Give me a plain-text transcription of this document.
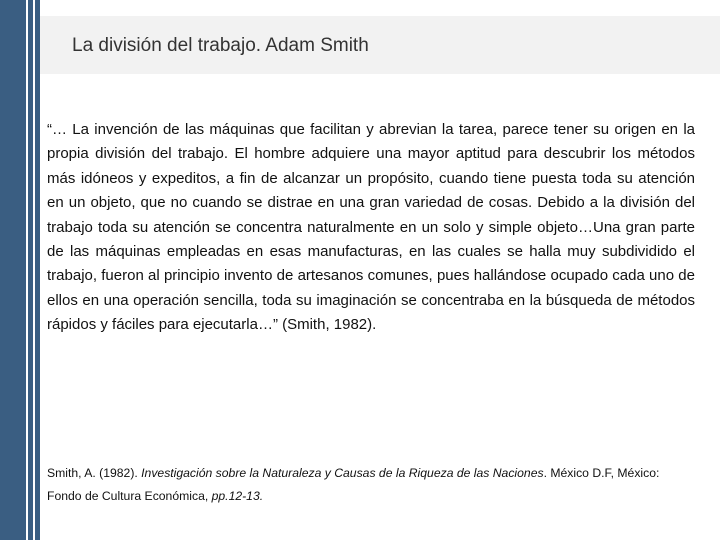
La división del trabajo. Adam Smith

“… La invención de las máquinas que facilitan y abrevian la tarea, parece tener su origen en la propia división del trabajo. El hombre adquiere una mayor aptitud para descubrir los métodos más idóneos y expeditos, a fin de alcanzar un propósito, cuando tiene puesta toda su atención en un objeto, que no cuando se distrae en una gran variedad de cosas. Debido a la división del trabajo toda su atención se concentra naturalmente en un solo y simple objeto…Una gran parte de las máquinas empleadas en esas manufacturas, en las cuales se halla muy subdividido el trabajo, fueron al principio invento de artesanos comunes, pues hallándose ocupado cada uno de ellos en una operación sencilla, toda su imaginación se concentraba en la búsqueda de métodos rápidos y fáciles para ejecutarla…” (Smith, 1982).

Smith, A. (1982). Investigación sobre la Naturaleza y Causas de la Riqueza de las Naciones. México D.F, México: Fondo de Cultura Económica, pp.12-13.
